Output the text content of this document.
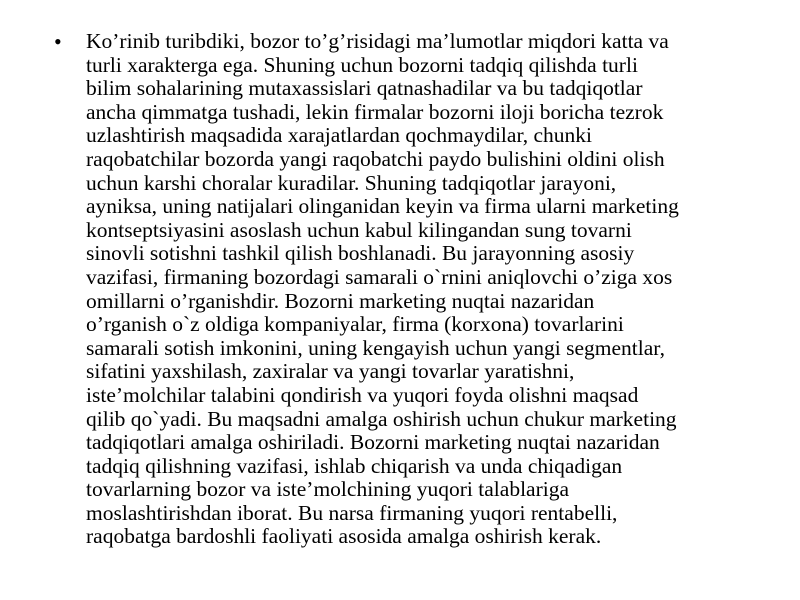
•	Ko’rinib turibdiki, bozor to’g’risidagi ma’lumotlar miqdori katta va
turli xarakterga ega. Shuning uchun bozorni tadqiq qilishda turli
bilim sohalarining mutaxassislari qatnashadilar va bu tadqiqotlar
ancha qimmatga tushadi, lekin firmalar bozorni iloji boricha tezrok
uzlashtirish maqsadida xarajatlardan qochmaydilar, chunki
raqobatchilar bozorda yangi raqobatchi paydo bulishini oldini olish
uchun karshi choralar kuradilar. Shuning tadqiqotlar jarayoni,
ayniksa, uning natijalari olinganidan keyin va firma ularni marketing
kontseptsiyasini asoslash uchun kabul kilingandan sung tovarni
sinovli sotishni tashkil qilish boshlanadi. Bu jarayonning asosiy
vazifasi, firmaning bozordagi samarali o`rnini aniqlovchi o’ziga xos
omillarni o’rganishdir. Bozorni marketing nuqtai nazaridan
o’rganish o`z oldiga kompaniyalar, firma (korxona) tovarlarini
samarali sotish imkonini, uning kengayish uchun yangi segmentlar,
sifatini yaxshilash, zaxiralar va yangi tovarlar yaratishni,
iste’molchilar talabini qondirish va yuqori foyda olishni maqsad
qilib qo`yadi. Bu maqsadni amalga oshirish uchun chukur marketing
tadqiqotlari amalga oshiriladi. Bozorni marketing nuqtai nazaridan
tadqiq qilishning vazifasi, ishlab chiqarish va unda chiqadigan
tovarlarning bozor va iste’molchining yuqori talablariga
moslashtirishdan iborat. Bu narsa firmaning yuqori rentabelli,
raqobatga bardoshli faoliyati asosida amalga oshirish kerak.
